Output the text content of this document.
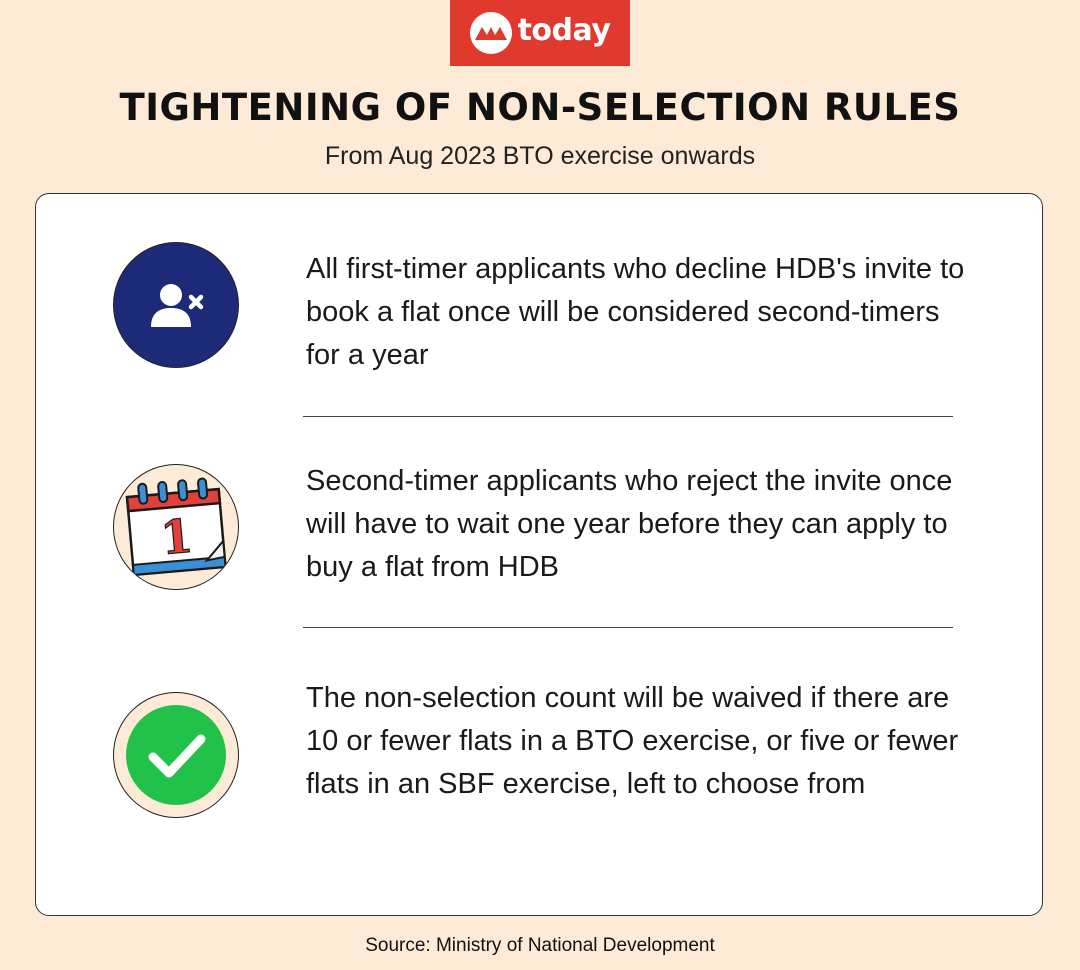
today
TIGHTENING OF NON-SELECTION RULES

From Aug 2023 BTO exercise onwards

All first-timer applicants who decline HDB's invite to book a flat once will be considered second-timers for a year

1

Second-timer applicants who reject the invite once will have to wait one year before they can apply to buy a flat from HDB

The non-selection count will be waived if there are 10 or fewer flats in a BTO exercise, or five or fewer flats in an SBF exercise, left to choose from

Source: Ministry of National Development
